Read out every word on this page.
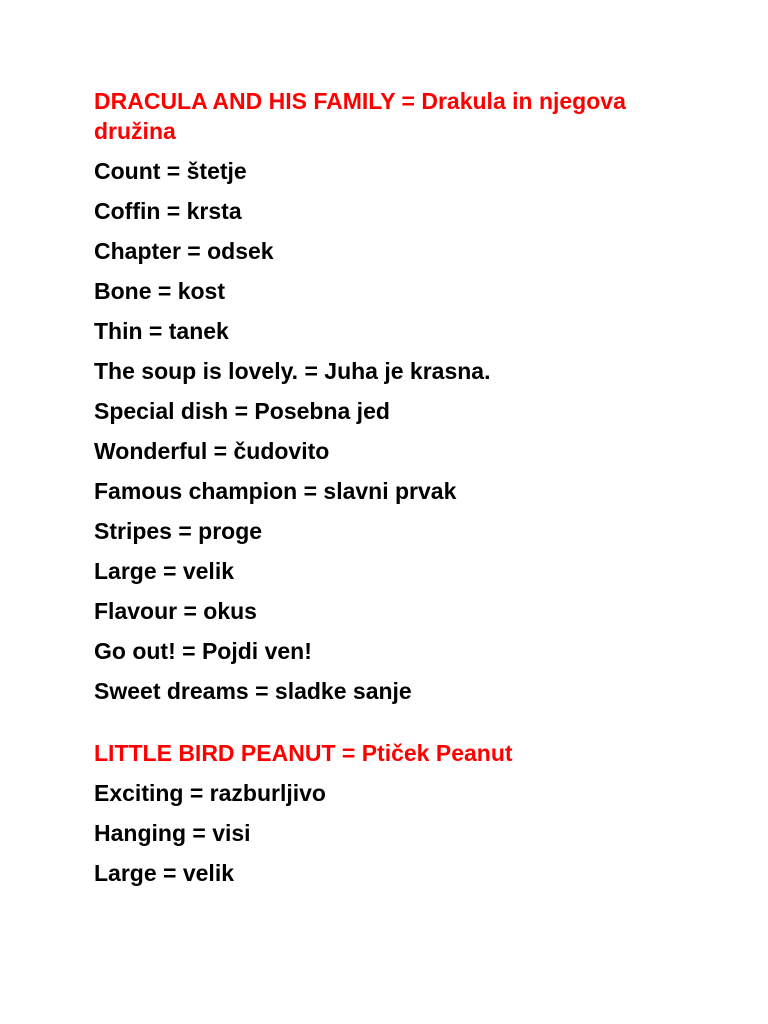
DRACULA AND HIS FAMILY = Drakula in njegova družina
Count = štetje
Coffin = krsta
Chapter = odsek
Bone = kost
Thin = tanek
The soup is lovely. = Juha je krasna.
Special dish = Posebna jed
Wonderful = čudovito
Famous champion = slavni prvak
Stripes = proge
Large = velik
Flavour = okus
Go out! = Pojdi ven!
Sweet dreams = sladke sanje
LITTLE BIRD PEANUT = Ptiček Peanut
Exciting = razburljivo
Hanging = visi
Large = velik
